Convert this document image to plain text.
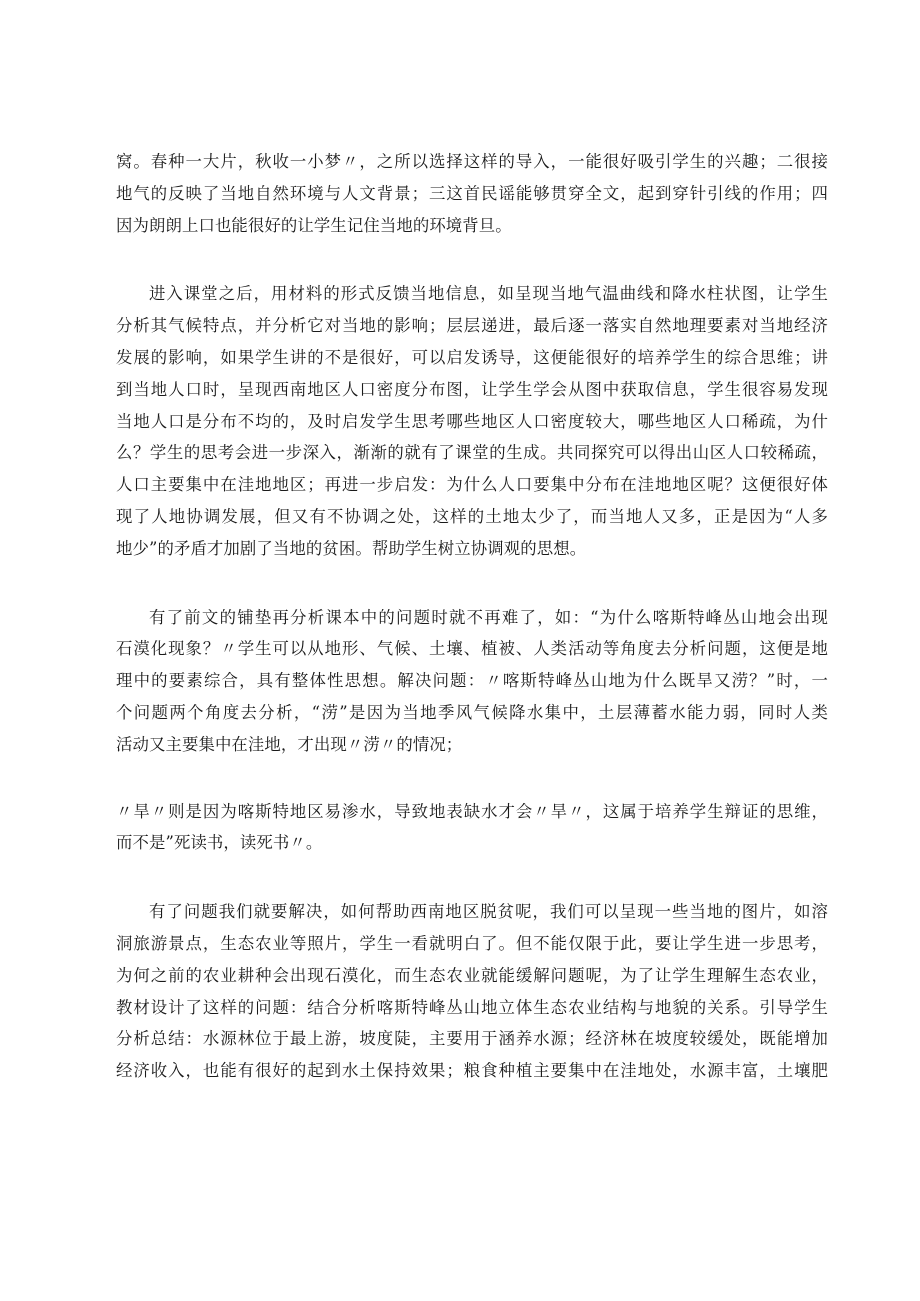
窝。春种一大片，秋收一小梦〃，之所以选择这样的导入，一能很好吸引学生的兴趣；二很接
地气的反映了当地自然环境与人文背景；三这首民谣能够贯穿全文，起到穿针引线的作用；四
因为朗朗上口也能很好的让学生记住当地的环境背旦。

进入课堂之后，用材料的形式反馈当地信息，如呈现当地气温曲线和降水柱状图，让学生
分析其气候特点，并分析它对当地的影响；层层递进，最后逐一落实自然地理要素对当地经济
发展的影响，如果学生讲的不是很好，可以启发诱导，这便能很好的培养学生的综合思维；讲
到当地人口时，呈现西南地区人口密度分布图，让学生学会从图中获取信息，学生很容易发现
当地人口是分布不均的，及时启发学生思考哪些地区人口密度较大，哪些地区人口稀疏，为什
么？学生的思考会进一步深入，渐渐的就有了课堂的生成。共同探究可以得出山区人口较稀疏，
人口主要集中在洼地地区；再进一步启发：为什么人口要集中分布在洼地地区呢？这便很好体
现了人地协调发展，但又有不协调之处，这样的土地太少了，而当地人又多，正是因为“人多
地少”的矛盾才加剧了当地的贫困。帮助学生树立协调观的思想。

有了前文的铺垫再分析课本中的问题时就不再难了，如：“为什么喀斯特峰丛山地会出现
石漠化现象？〃学生可以从地形、气候、土壤、植被、人类活动等角度去分析问题，这便是地
理中的要素综合，具有整体性思想。解决问题：〃喀斯特峰丛山地为什么既旱又涝？”时，一
个问题两个角度去分析，“涝”是因为当地季风气候降水集中，土层薄蓄水能力弱，同时人类
活动又主要集中在洼地，才出现〃涝〃的情况；

〃旱〃则是因为喀斯特地区易渗水，导致地表缺水才会〃旱〃，这属于培养学生辩证的思维，
而不是”死读书，读死书〃。

有了问题我们就要解决，如何帮助西南地区脱贫呢，我们可以呈现一些当地的图片，如溶
洞旅游景点，生态农业等照片，学生一看就明白了。但不能仅限于此，要让学生进一步思考，
为何之前的农业耕种会出现石漠化，而生态农业就能缓解问题呢，为了让学生理解生态农业，
教材设计了这样的问题：结合分析喀斯特峰丛山地立体生态农业结构与地貌的关系。引导学生
分析总结：水源林位于最上游，坡度陡，主要用于涵养水源；经济林在坡度较缓处，既能增加
经济收入，也能有很好的起到水土保持效果；粮食种植主要集中在洼地处，水源丰富，土壤肥
